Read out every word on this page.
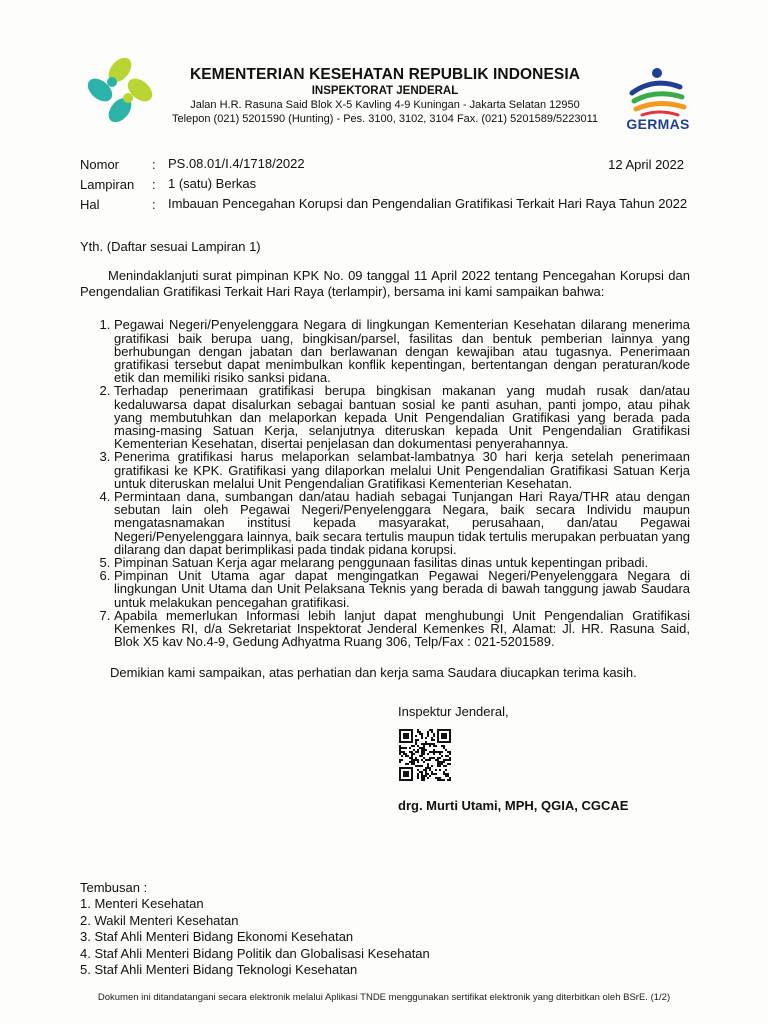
KEMENTERIAN KESEHATAN REPUBLIK INDONESIA
INSPEKTORAT JENDERAL
Jalan H.R. Rasuna Said Blok X-5 Kavling 4-9 Kuningan - Jakarta Selatan 12950
Telepon (021) 5201590 (Hunting) - Pes. 3100, 3102, 3104 Fax. (021) 5201589/5223011	GERMAS
Nomor	: PS.08.01/I.4/1718/2022	12 April 2022
Lampiran	: 1 (satu) Berkas
Hal	: Imbauan Pencegahan Korupsi dan Pengendalian Gratifikasi Terkait Hari Raya Tahun 2022

Yth. (Daftar sesuai Lampiran 1)

Menindaklanjuti surat pimpinan KPK No. 09 tanggal 11 April 2022 tentang Pencegahan Korupsi dan Pengendalian Gratifikasi Terkait Hari Raya (terlampir), bersama ini kami sampaikan bahwa:

1. Pegawai Negeri/Penyelenggara Negara di lingkungan Kementerian Kesehatan dilarang menerima gratifikasi baik berupa uang, bingkisan/parsel, fasilitas dan bentuk pemberian lainnya yang berhubungan dengan jabatan dan berlawanan dengan kewajiban atau tugasnya. Penerimaan gratifikasi tersebut dapat menimbulkan konflik kepentingan, bertentangan dengan peraturan/kode etik dan memiliki risiko sanksi pidana.
2. Terhadap penerimaan gratifikasi berupa bingkisan makanan yang mudah rusak dan/atau kedaluwarsa dapat disalurkan sebagai bantuan sosial ke panti asuhan, panti jompo, atau pihak yang membutuhkan dan melaporkan kepada Unit Pengendalian Gratifikasi yang berada pada masing-masing Satuan Kerja, selanjutnya diteruskan kepada Unit Pengendalian Gratifikasi Kementerian Kesehatan, disertai penjelasan dan dokumentasi penyerahannya.
3. Penerima gratifikasi harus melaporkan selambat-lambatnya 30 hari kerja setelah penerimaan gratifikasi ke KPK. Gratifikasi yang dilaporkan melalui Unit Pengendalian Gratifikasi Satuan Kerja untuk diteruskan melalui Unit Pengendalian Gratifikasi Kementerian Kesehatan.
4. Permintaan dana, sumbangan dan/atau hadiah sebagai Tunjangan Hari Raya/THR atau dengan sebutan lain oleh Pegawai Negeri/Penyelenggara Negara, baik secara Individu maupun mengatasnamakan institusi kepada masyarakat, perusahaan, dan/atau Pegawai Negeri/Penyelenggara lainnya, baik secara tertulis maupun tidak tertulis merupakan perbuatan yang dilarang dan dapat berimplikasi pada tindak pidana korupsi.
5. Pimpinan Satuan Kerja agar melarang penggunaan fasilitas dinas untuk kepentingan pribadi.
6. Pimpinan Unit Utama agar dapat mengingatkan Pegawai Negeri/Penyelenggara Negara di lingkungan Unit Utama dan Unit Pelaksana Teknis yang berada di bawah tanggung jawab Saudara untuk melakukan pencegahan gratifikasi.
7. Apabila memerlukan Informasi lebih lanjut dapat menghubungi Unit Pengendalian Gratifikasi Kemenkes RI, d/a Sekretariat Inspektorat Jenderal Kemenkes RI, Alamat: Jl. HR. Rasuna Said, Blok X5 kav No.4-9, Gedung Adhyatma Ruang 306, Telp/Fax : 021-5201589.

Demikian kami sampaikan, atas perhatian dan kerja sama Saudara diucapkan terima kasih.

Inspektur Jenderal,
drg. Murti Utami, MPH, QGIA, CGCAE
Tembusan :
1. Menteri Kesehatan
2. Wakil Menteri Kesehatan
3. Staf Ahli Menteri Bidang Ekonomi Kesehatan
4. Staf Ahli Menteri Bidang Politik dan Globalisasi Kesehatan
5. Staf Ahli Menteri Bidang Teknologi Kesehatan
Dokumen ini ditandatangani secara elektronik melalui Aplikasi TNDE menggunakan sertifikat elektronik yang diterbitkan oleh BSrE. (1/2)
